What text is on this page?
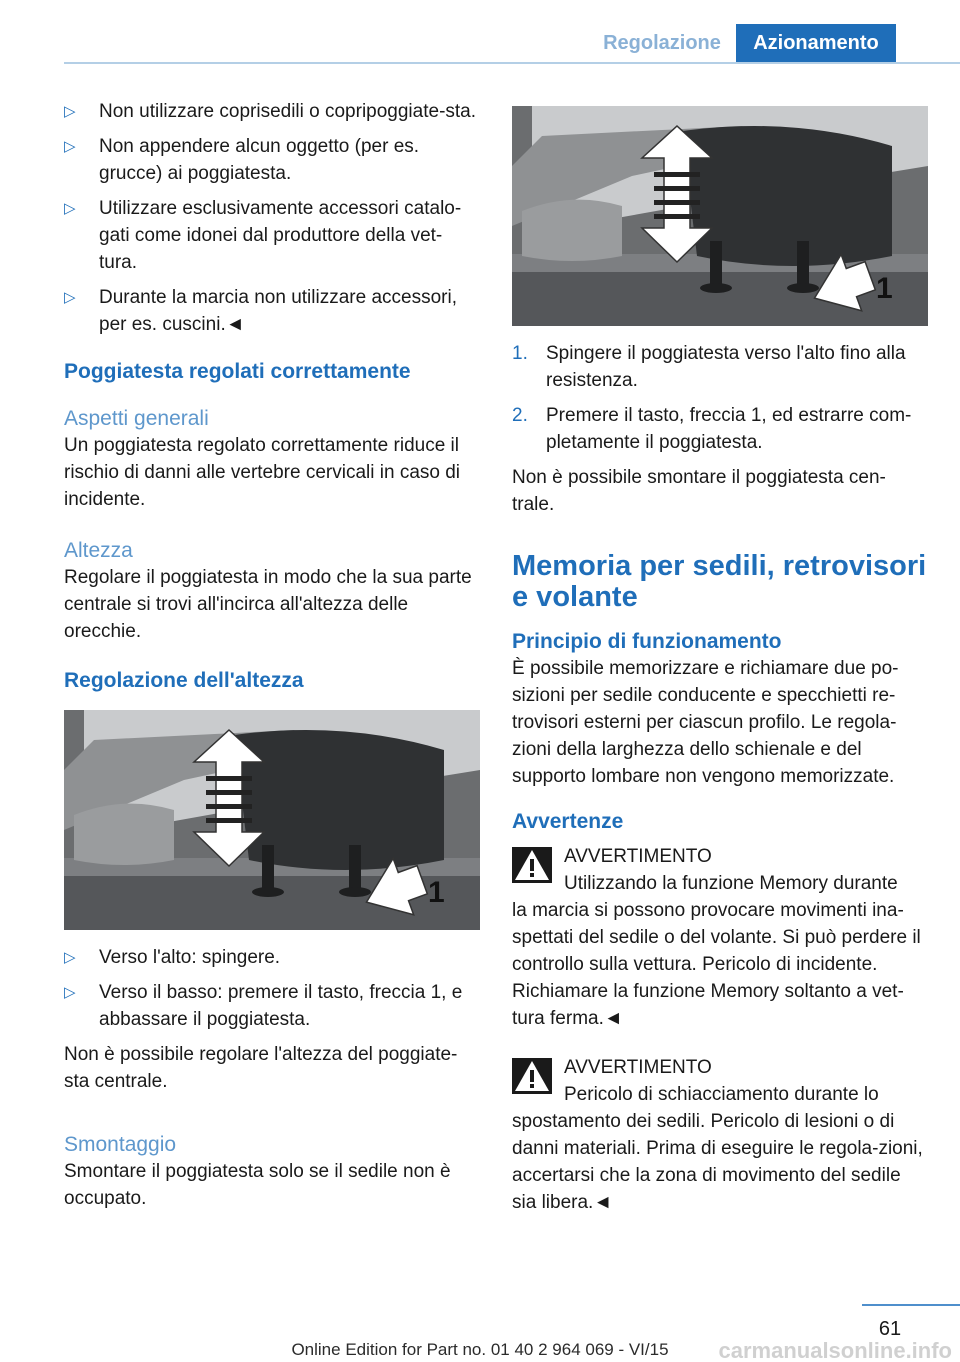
Regolazione	Azionamento
▷ Non utilizzare coprisedili o copripoggiate-sta.
▷ Non appendere alcun oggetto (per es. grucce) ai poggiatesta.
▷ Utilizzare esclusivamente accessori catalo-gati come idonei dal produttore della vet-tura.
▷ Durante la marcia non utilizzare accessori, per es. cuscini.◄
Poggiatesta regolati correttamente
Aspetti generali

Un poggiatesta regolato correttamente riduce il rischio di danni alle vertebre cervicali in caso di incidente.

Altezza

Regolare il poggiatesta in modo che la sua parte centrale si trovi all'incirca all'altezza delle orecchie.

Regolazione dell'altezza
1
▷ Verso l'alto: spingere.
▷ Verso il basso: premere il tasto, freccia 1, e abbassare il poggiatesta.

Non è possibile regolare l'altezza del poggiate-sta centrale.

Smontaggio

Smontare il poggiatesta solo se il sedile non è occupato.

1
1. Spingere il poggiatesta verso l'alto fino alla resistenza.
2. Premere il tasto, freccia 1, ed estrarre com-pletamente il poggiatesta.

Non è possibile smontare il poggiatesta cen-trale.

Memoria per sedili, retrovisori e volante
Principio di funzionamento

È possibile memorizzare e richiamare due po-sizioni per sedile conducente e specchietti re-trovisori esterni per ciascun profilo. Le regola-zioni della larghezza dello schienale e del supporto lombare non vengono memorizzate.

Avvertenze
AVVERTIMENTO

Utilizzando la funzione Memory durante
la marcia si possono provocare movimenti ina-spettati del sedile o del volante. Si può perdere il controllo sulla vettura. Pericolo di incidente. Richiamare la funzione Memory soltanto a vet-tura ferma.◄

AVVERTIMENTO

Pericolo di schiacciamento durante lo
spostamento dei sedili. Pericolo di lesioni o di danni materiali. Prima di eseguire le regola-zioni, accertarsi che la zona di movimento del sedile sia libera.◄

61
Online Edition for Part no. 01 40 2 964 069 - VI/15	carmanualsonline.info
